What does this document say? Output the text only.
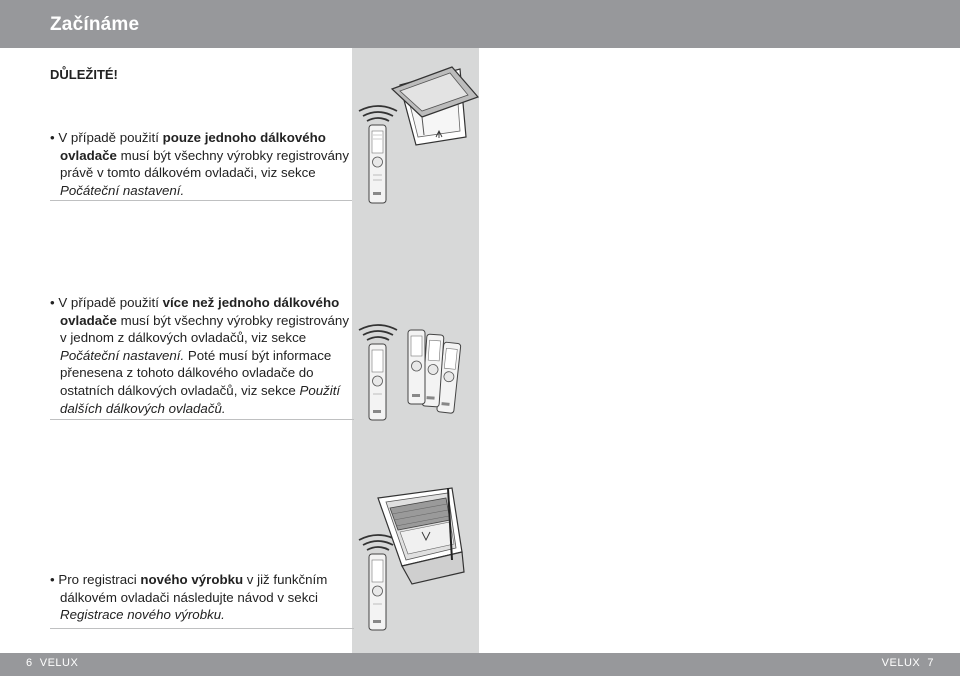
Začínáme
DŮLEŽITÉ!

• V případě použití pouze jednoho dálkového ovladače musí být všechny výrobky registrovány právě v tomto dálkovém ovladači, viz sekce Počáteční nastavení.

• V případě použití více než jednoho dálkového ovladače musí být všechny výrobky registrovány v jednom z dálkových ovladačů, viz sekce Počáteční nastavení. Poté musí být informace přenesena z tohoto dálkového ovladače do ostatních dálkových ovladačů, viz sekce Použití dalších dálkových ovladačů.

• Pro registraci nového výrobku v již funkčním dálkovém ovladači následujte návod v sekci Registrace nového výrobku.

6 VELUX	VELUX 7
